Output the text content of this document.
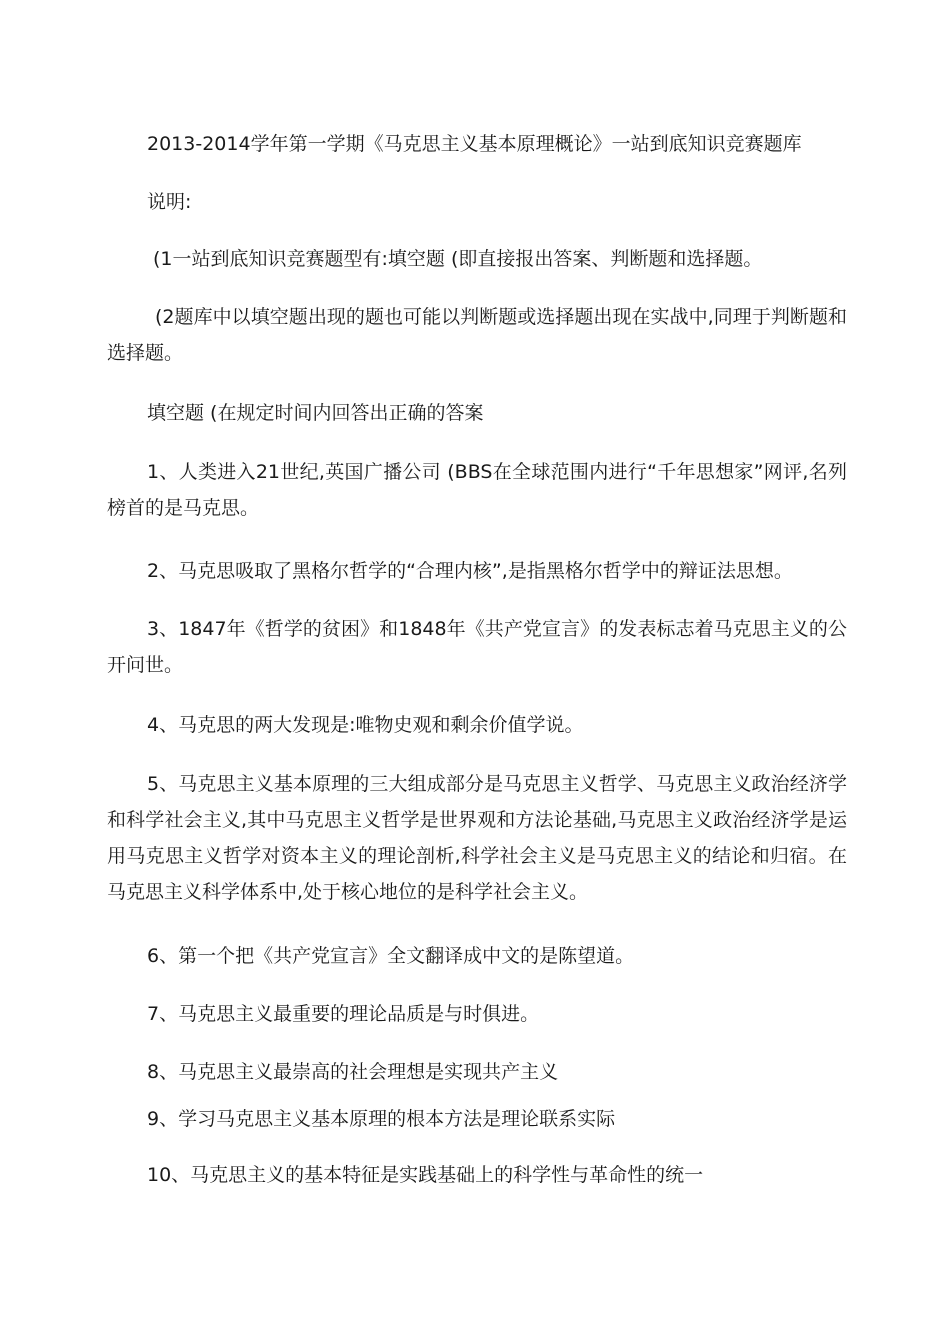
2013-2014学年第一学期《马克思主义基本原理概论》一站到底知识竞赛题库
说明:
(1一站到底知识竞赛题型有:填空题 (即直接报出答案、判断题和选择题。
(2题库中以填空题出现的题也可能以判断题或选择题出现在实战中,同理于判断题和选择题。
填空题 (在规定时间内回答出正确的答案
1、人类进入21世纪,英国广播公司 (BBS在全球范围内进行“千年思想家”网评,名列榜首的是马克思。
2、马克思吸取了黑格尔哲学的“合理内核”,是指黑格尔哲学中的辩证法思想。
3、1847年《哲学的贫困》和1848年《共产党宣言》的发表标志着马克思主义的公开问世。
4、马克思的两大发现是:唯物史观和剩余价值学说。
5、马克思主义基本原理的三大组成部分是马克思主义哲学、马克思主义政治经济学和科学社会主义,其中马克思主义哲学是世界观和方法论基础,马克思主义政治经济学是运用马克思主义哲学对资本主义的理论剖析,科学社会主义是马克思主义的结论和归宿。在马克思主义科学体系中,处于核心地位的是科学社会主义。
6、第一个把《共产党宣言》全文翻译成中文的是陈望道。
7、马克思主义最重要的理论品质是与时俱进。
8、马克思主义最崇高的社会理想是实现共产主义
9、学习马克思主义基本原理的根本方法是理论联系实际
10、马克思主义的基本特征是实践基础上的科学性与革命性的统一
